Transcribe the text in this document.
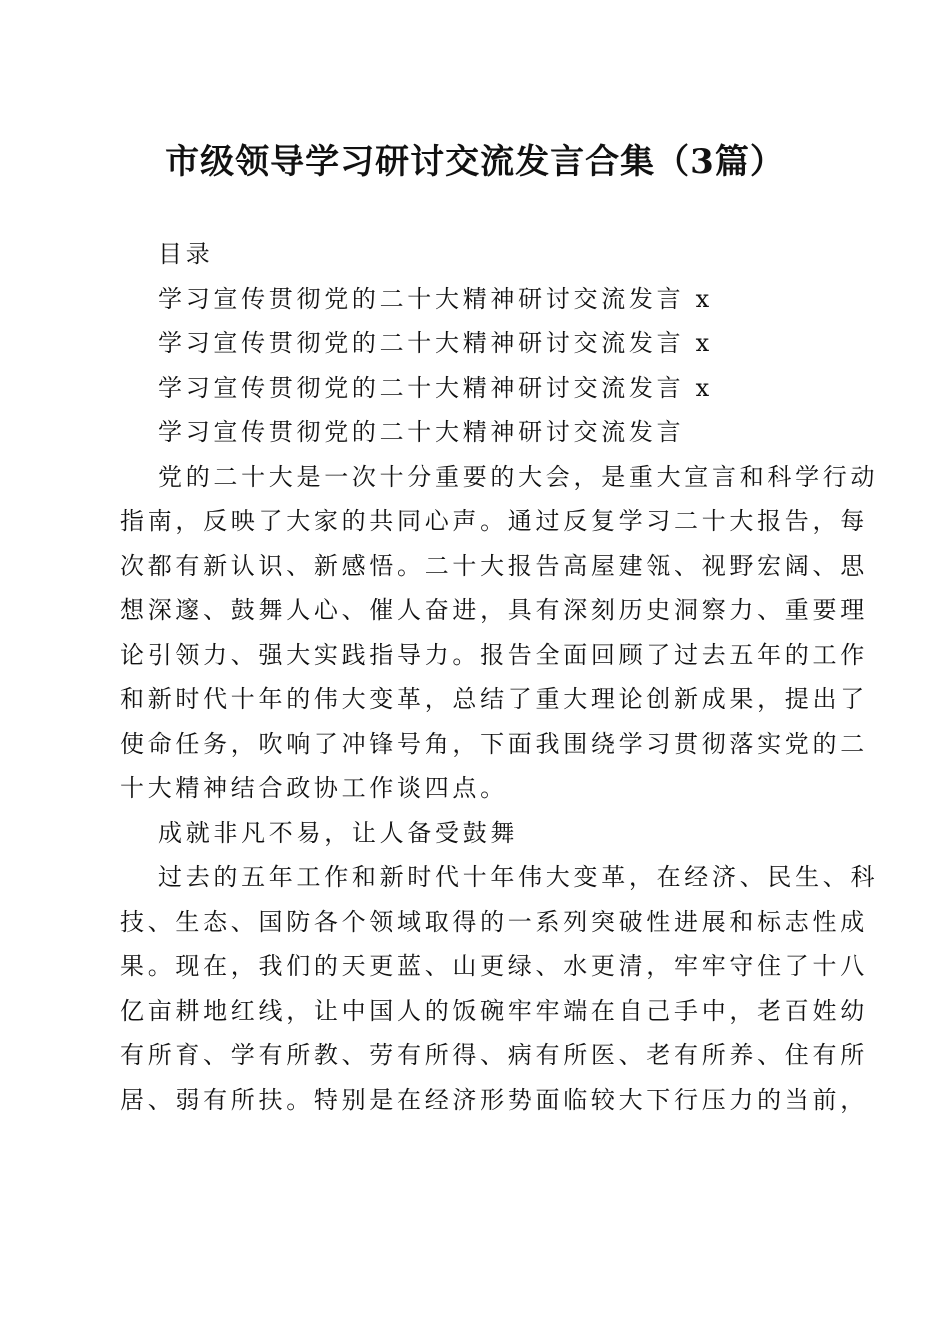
市级领导学习研讨交流发言合集（3篇）
目录
学习宣传贯彻党的二十大精神研讨交流发言 x
学习宣传贯彻党的二十大精神研讨交流发言 x
学习宣传贯彻党的二十大精神研讨交流发言 x
学习宣传贯彻党的二十大精神研讨交流发言
党的二十大是一次十分重要的大会，是重大宣言和科学行动
指南，反映了大家的共同心声。通过反复学习二十大报告，每
次都有新认识、新感悟。二十大报告高屋建瓴、视野宏阔、思
想深邃、鼓舞人心、催人奋进，具有深刻历史洞察力、重要理
论引领力、强大实践指导力。报告全面回顾了过去五年的工作
和新时代十年的伟大变革，总结了重大理论创新成果，提出了
使命任务，吹响了冲锋号角，下面我围绕学习贯彻落实党的二
十大精神结合政协工作谈四点。
成就非凡不易，让人备受鼓舞
过去的五年工作和新时代十年伟大变革，在经济、民生、科
技、生态、国防各个领域取得的一系列突破性进展和标志性成
果。现在，我们的天更蓝、山更绿、水更清，牢牢守住了十八
亿亩耕地红线，让中国人的饭碗牢牢端在自己手中，老百姓幼
有所育、学有所教、劳有所得、病有所医、老有所养、住有所
居、弱有所扶。特别是在经济形势面临较大下行压力的当前，
